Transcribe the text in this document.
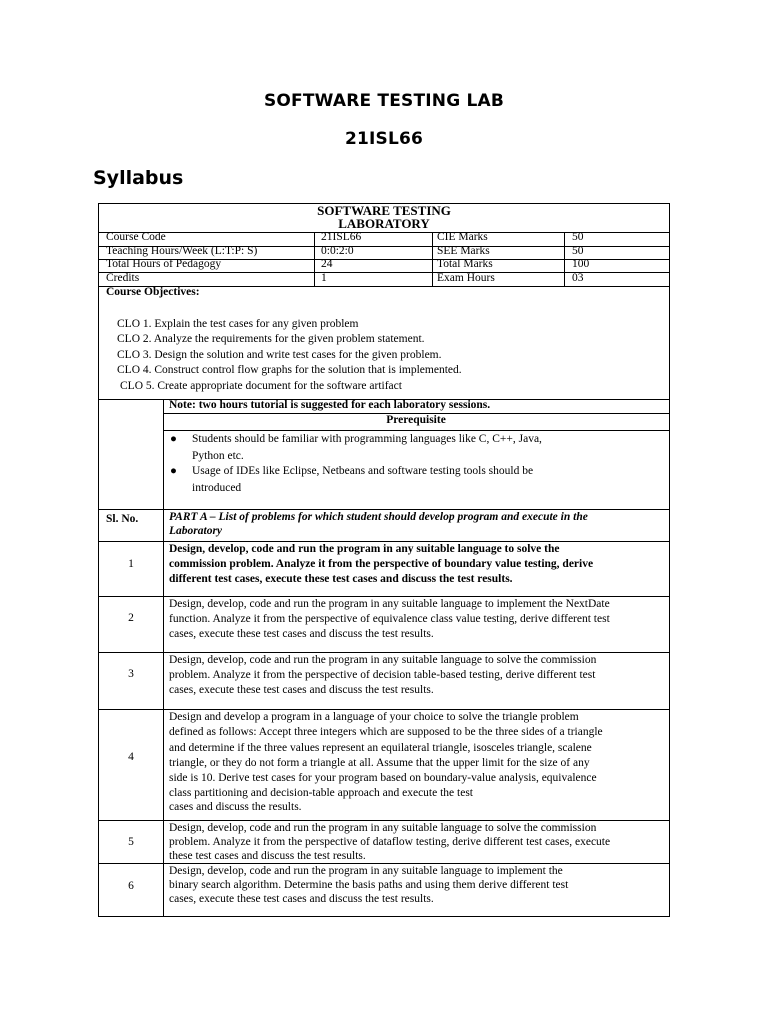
SOFTWARE TESTING LAB
21ISL66
Syllabus
SOFTWARE TESTING
LABORATORY
Course Code	21ISL66	CIE Marks	50
Teaching Hours/Week (L:T:P: S)	0:0:2:0	SEE Marks	50
Total Hours of Pedagogy	24	Total Marks	100
Credits	1	Exam Hours	03
Course Objectives:
CLO 1. Explain the test cases for any given problem
CLO 2. Analyze the requirements for the given problem statement.
CLO 3. Design the solution and write test cases for the given problem.
CLO 4. Construct control flow graphs for the solution that is implemented.
CLO 5. Create appropriate document for the software artifact
Note: two hours tutorial is suggested for each laboratory sessions.
Prerequisite
● Students should be familiar with programming languages like C, C++, Java,
Python etc.
● Usage of IDEs like Eclipse, Netbeans and software testing tools should be
introduced
Sl. No.	PART A – List of problems for which student should develop program and execute in the
Laboratory
1
Design, develop, code and run the program in any suitable language to solve the
commission problem. Analyze it from the perspective of boundary value testing, derive
different test cases, execute these test cases and discuss the test results.
2
Design, develop, code and run the program in any suitable language to implement the NextDate
function. Analyze it from the perspective of equivalence class value testing, derive different test
cases, execute these test cases and discuss the test results.
3
Design, develop, code and run the program in any suitable language to solve the commission
problem. Analyze it from the perspective of decision table-based testing, derive different test
cases, execute these test cases and discuss the test results.
4
Design and develop a program in a language of your choice to solve the triangle problem
defined as follows: Accept three integers which are supposed to be the three sides of a triangle
and determine if the three values represent an equilateral triangle, isosceles triangle, scalene
triangle, or they do not form a triangle at all. Assume that the upper limit for the size of any
side is 10. Derive test cases for your program based on boundary-value analysis, equivalence
class partitioning and decision-table approach and execute the test
cases and discuss the results.
5
Design, develop, code and run the program in any suitable language to solve the commission
problem. Analyze it from the perspective of dataflow testing, derive different test cases, execute
these test cases and discuss the test results.
6
Design, develop, code and run the program in any suitable language to implement the
binary search algorithm. Determine the basis paths and using them derive different test
cases, execute these test cases and discuss the test results.
